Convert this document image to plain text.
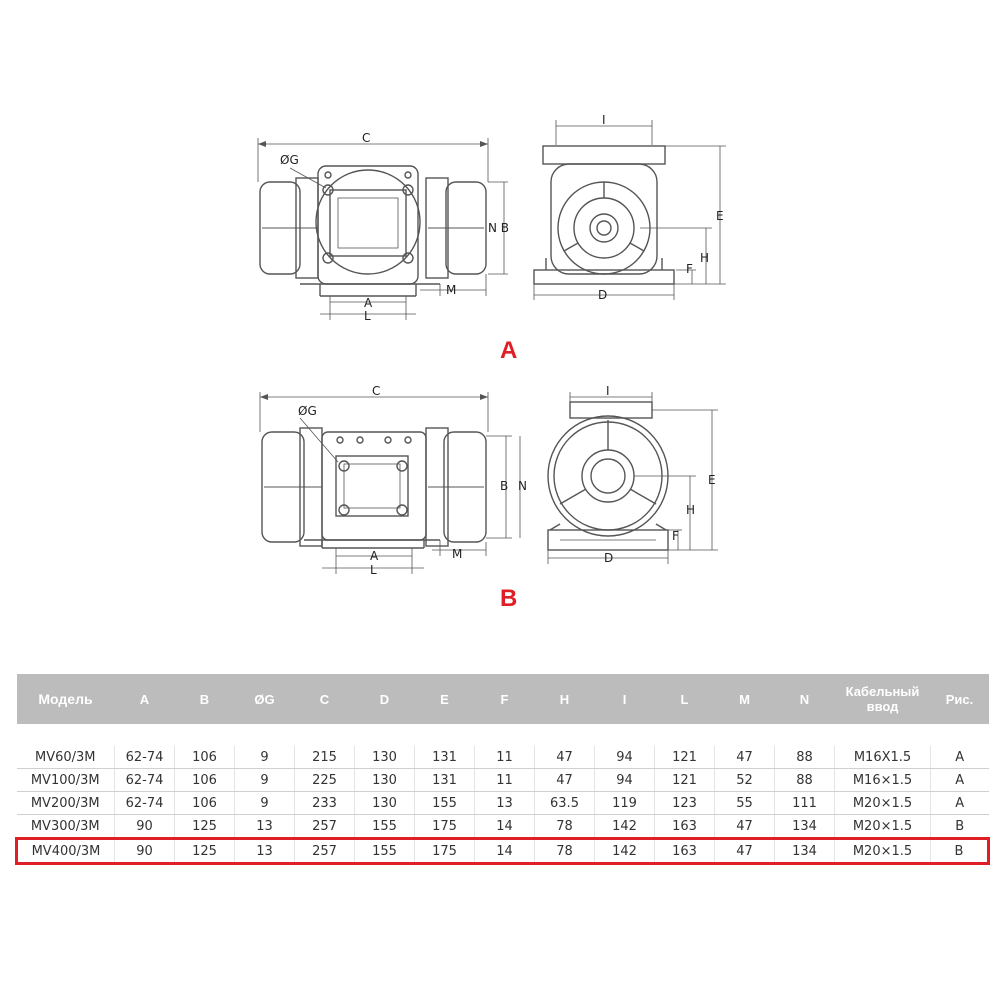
C
ØG
N B
A
L
M
I
E
H
F
D
C
ØG
B N
A
L
M
I
E
H
F
D
A
B
Модель	A	B	ØG	C	D	E	F	H	I	L	M	N	Кабельный ввод	Рис.

MV60/3M	62-74	106	9	215	130	131	11	47	94	121	47	88	M16X1.5	A
MV100/3M	62-74	106	9	225	130	131	11	47	94	121	52	88	M16×1.5	A
MV200/3M	62-74	106	9	233	130	155	13	63.5	119	123	55	111	M20×1.5	A
MV300/3M	90	125	13	257	155	175	14	78	142	163	47	134	M20×1.5	B
MV400/3M	90	125	13	257	155	175	14	78	142	163	47	134	M20×1.5	B
